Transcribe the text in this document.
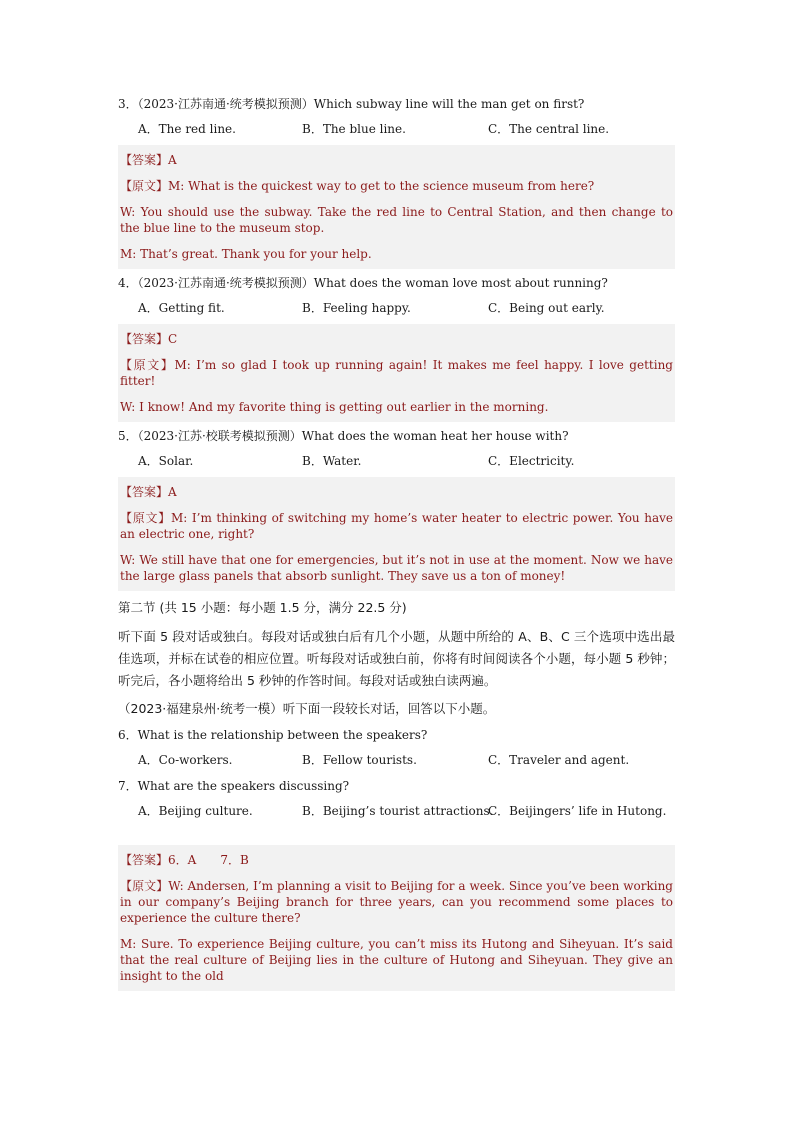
3．（2023·江苏南通·统考模拟预测）Which subway line will the man get on first?

A．The red line.	B．The blue line.	C．The central line.
【答案】A
【原文】M: What is the quickest way to get to the science museum from here?
W: You should use the subway. Take the red line to Central Station, and then change to the blue line to the museum stop.
M: That’s great. Thank you for your help.

4．（2023·江苏南通·统考模拟预测）What does the woman love most about running?

A．Getting fit.	B．Feeling happy.	C．Being out early.
【答案】C
【原文】M: I’m so glad I took up running again! It makes me feel happy. I love getting fitter!
W: I know! And my favorite thing is getting out earlier in the morning.

5．（2023·江苏·校联考模拟预测）What does the woman heat her house with?

A．Solar.	B．Water.	C．Electricity.
【答案】A
【原文】M: I’m thinking of switching my home’s water heater to electric power. You have an electric one, right?
W: We still have that one for emergencies, but it’s not in use at the moment. Now we have the large glass panels that absorb sunlight. They save us a ton of money!
第二节 (共 15 小题：每小题 1.5 分，满分 22.5 分)
听下面 5 段对话或独白。每段对话或独白后有几个小题，从题中所给的 A、B、C 三个选项中选出最佳选项，并标在试卷的相应位置。听每段对话或独白前，你将有时间阅读各个小题，每小题 5 秒钟；听完后，各小题将给出 5 秒钟的作答时间。每段对话或独白读两遍。
（2023·福建泉州·统考一模）听下面一段较长对话，回答以下小题。

6．What is the relationship between the speakers?

A．Co-workers.	B．Fellow tourists.	C．Traveler and agent.

7．What are the speakers discussing?

A．Beijing culture.	B．Beijing’s tourist attractions.
C．Beijingers’ life in Hutong.
【答案】6．A　　7．B
【原文】W: Andersen, I’m planning a visit to Beijing for a week. Since you’ve been working in our company’s Beijing branch for three years, can you recommend some places to experience the culture there?
M: Sure. To experience Beijing culture, you can’t miss its Hutong and Siheyuan. It’s said that the real culture of Beijing lies in the culture of Hutong and Siheyuan. They give an insight to the old
